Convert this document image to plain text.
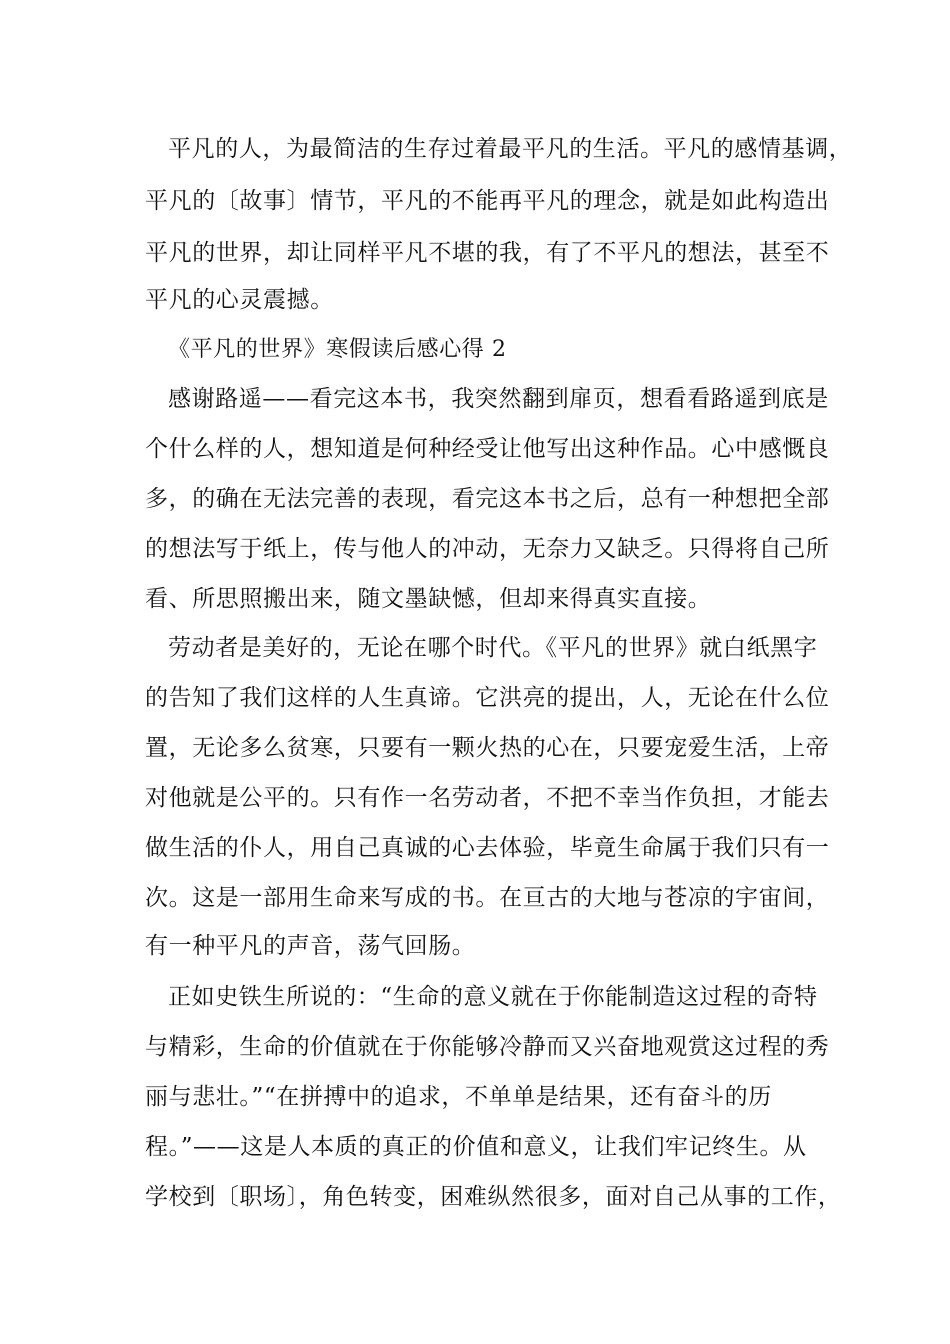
平凡的人，为最简洁的生存过着最平凡的生活。平凡的感情基调，
平凡的〔故事〕情节，平凡的不能再平凡的理念，就是如此构造出
平凡的世界，却让同样平凡不堪的我，有了不平凡的想法，甚至不
平凡的心灵震撼。
《平凡的世界》寒假读后感心得 2
感谢路遥——看完这本书，我突然翻到扉页，想看看路遥到底是
个什么样的人，想知道是何种经受让他写出这种作品。心中感慨良
多，的确在无法完善的表现，看完这本书之后，总有一种想把全部
的想法写于纸上，传与他人的冲动，无奈力又缺乏。只得将自己所
看、所思照搬出来，随文墨缺憾，但却来得真实直接。
劳动者是美好的，无论在哪个时代。《平凡的世界》就白纸黑字
的告知了我们这样的人生真谛。它洪亮的提出，人，无论在什么位
置，无论多么贫寒，只要有一颗火热的心在，只要宠爱生活，上帝
对他就是公平的。只有作一名劳动者，不把不幸当作负担，才能去
做生活的仆人，用自己真诚的心去体验，毕竟生命属于我们只有一
次。这是一部用生命来写成的书。在亘古的大地与苍凉的宇宙间，
有一种平凡的声音，荡气回肠。
正如史铁生所说的：“生命的意义就在于你能制造这过程的奇特
与精彩，生命的价值就在于你能够冷静而又兴奋地观赏这过程的秀
丽与悲壮。”“在拼搏中的追求，不单单是结果，还有奋斗的历
程。”——这是人本质的真正的价值和意义，让我们牢记终生。从
学校到〔职场〕，角色转变，困难纵然很多，面对自己从事的工作，
